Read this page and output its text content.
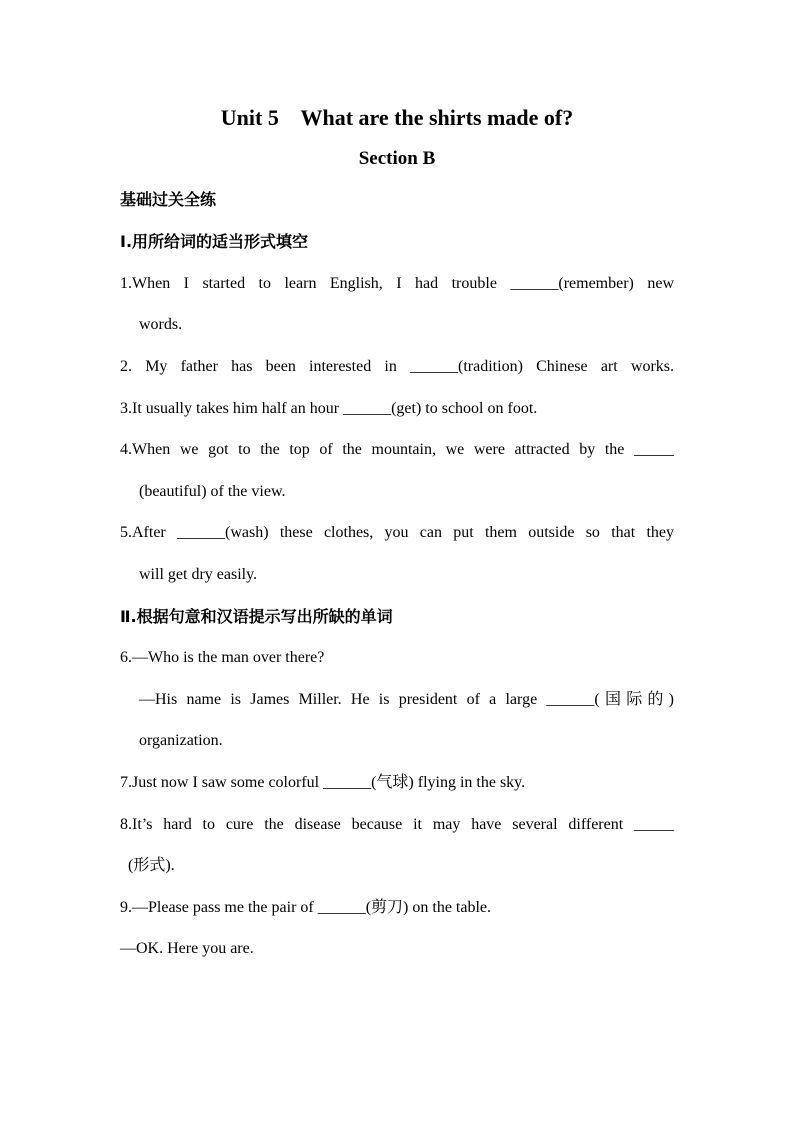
Unit 5    What are the shirts made of?
Section B
基础过关全练
Ⅰ.用所给词的适当形式填空
1.When I started to learn English, I had trouble ______(remember) new
words.
2. My father has been interested in ______(tradition) Chinese art works.
3.It usually takes him half an hour ______(get) to school on foot.
4.When we got to the top of the mountain, we were attracted by the _____
(beautiful) of the view.
5.After ______(wash) these clothes, you can put them outside so that they
will get dry easily.
Ⅱ.根据句意和汉语提示写出所缺的单词
6.—Who is the man over there?
—His name is James Miller. He is president of a large ______(国际的)
organization.
7.Just now I saw some colorful ______(气球) flying in the sky.
8.It’s hard to cure the disease because it may have several different _____
(形式).
9.—Please pass me the pair of ______(剪刀) on the table.
—OK. Here you are.
